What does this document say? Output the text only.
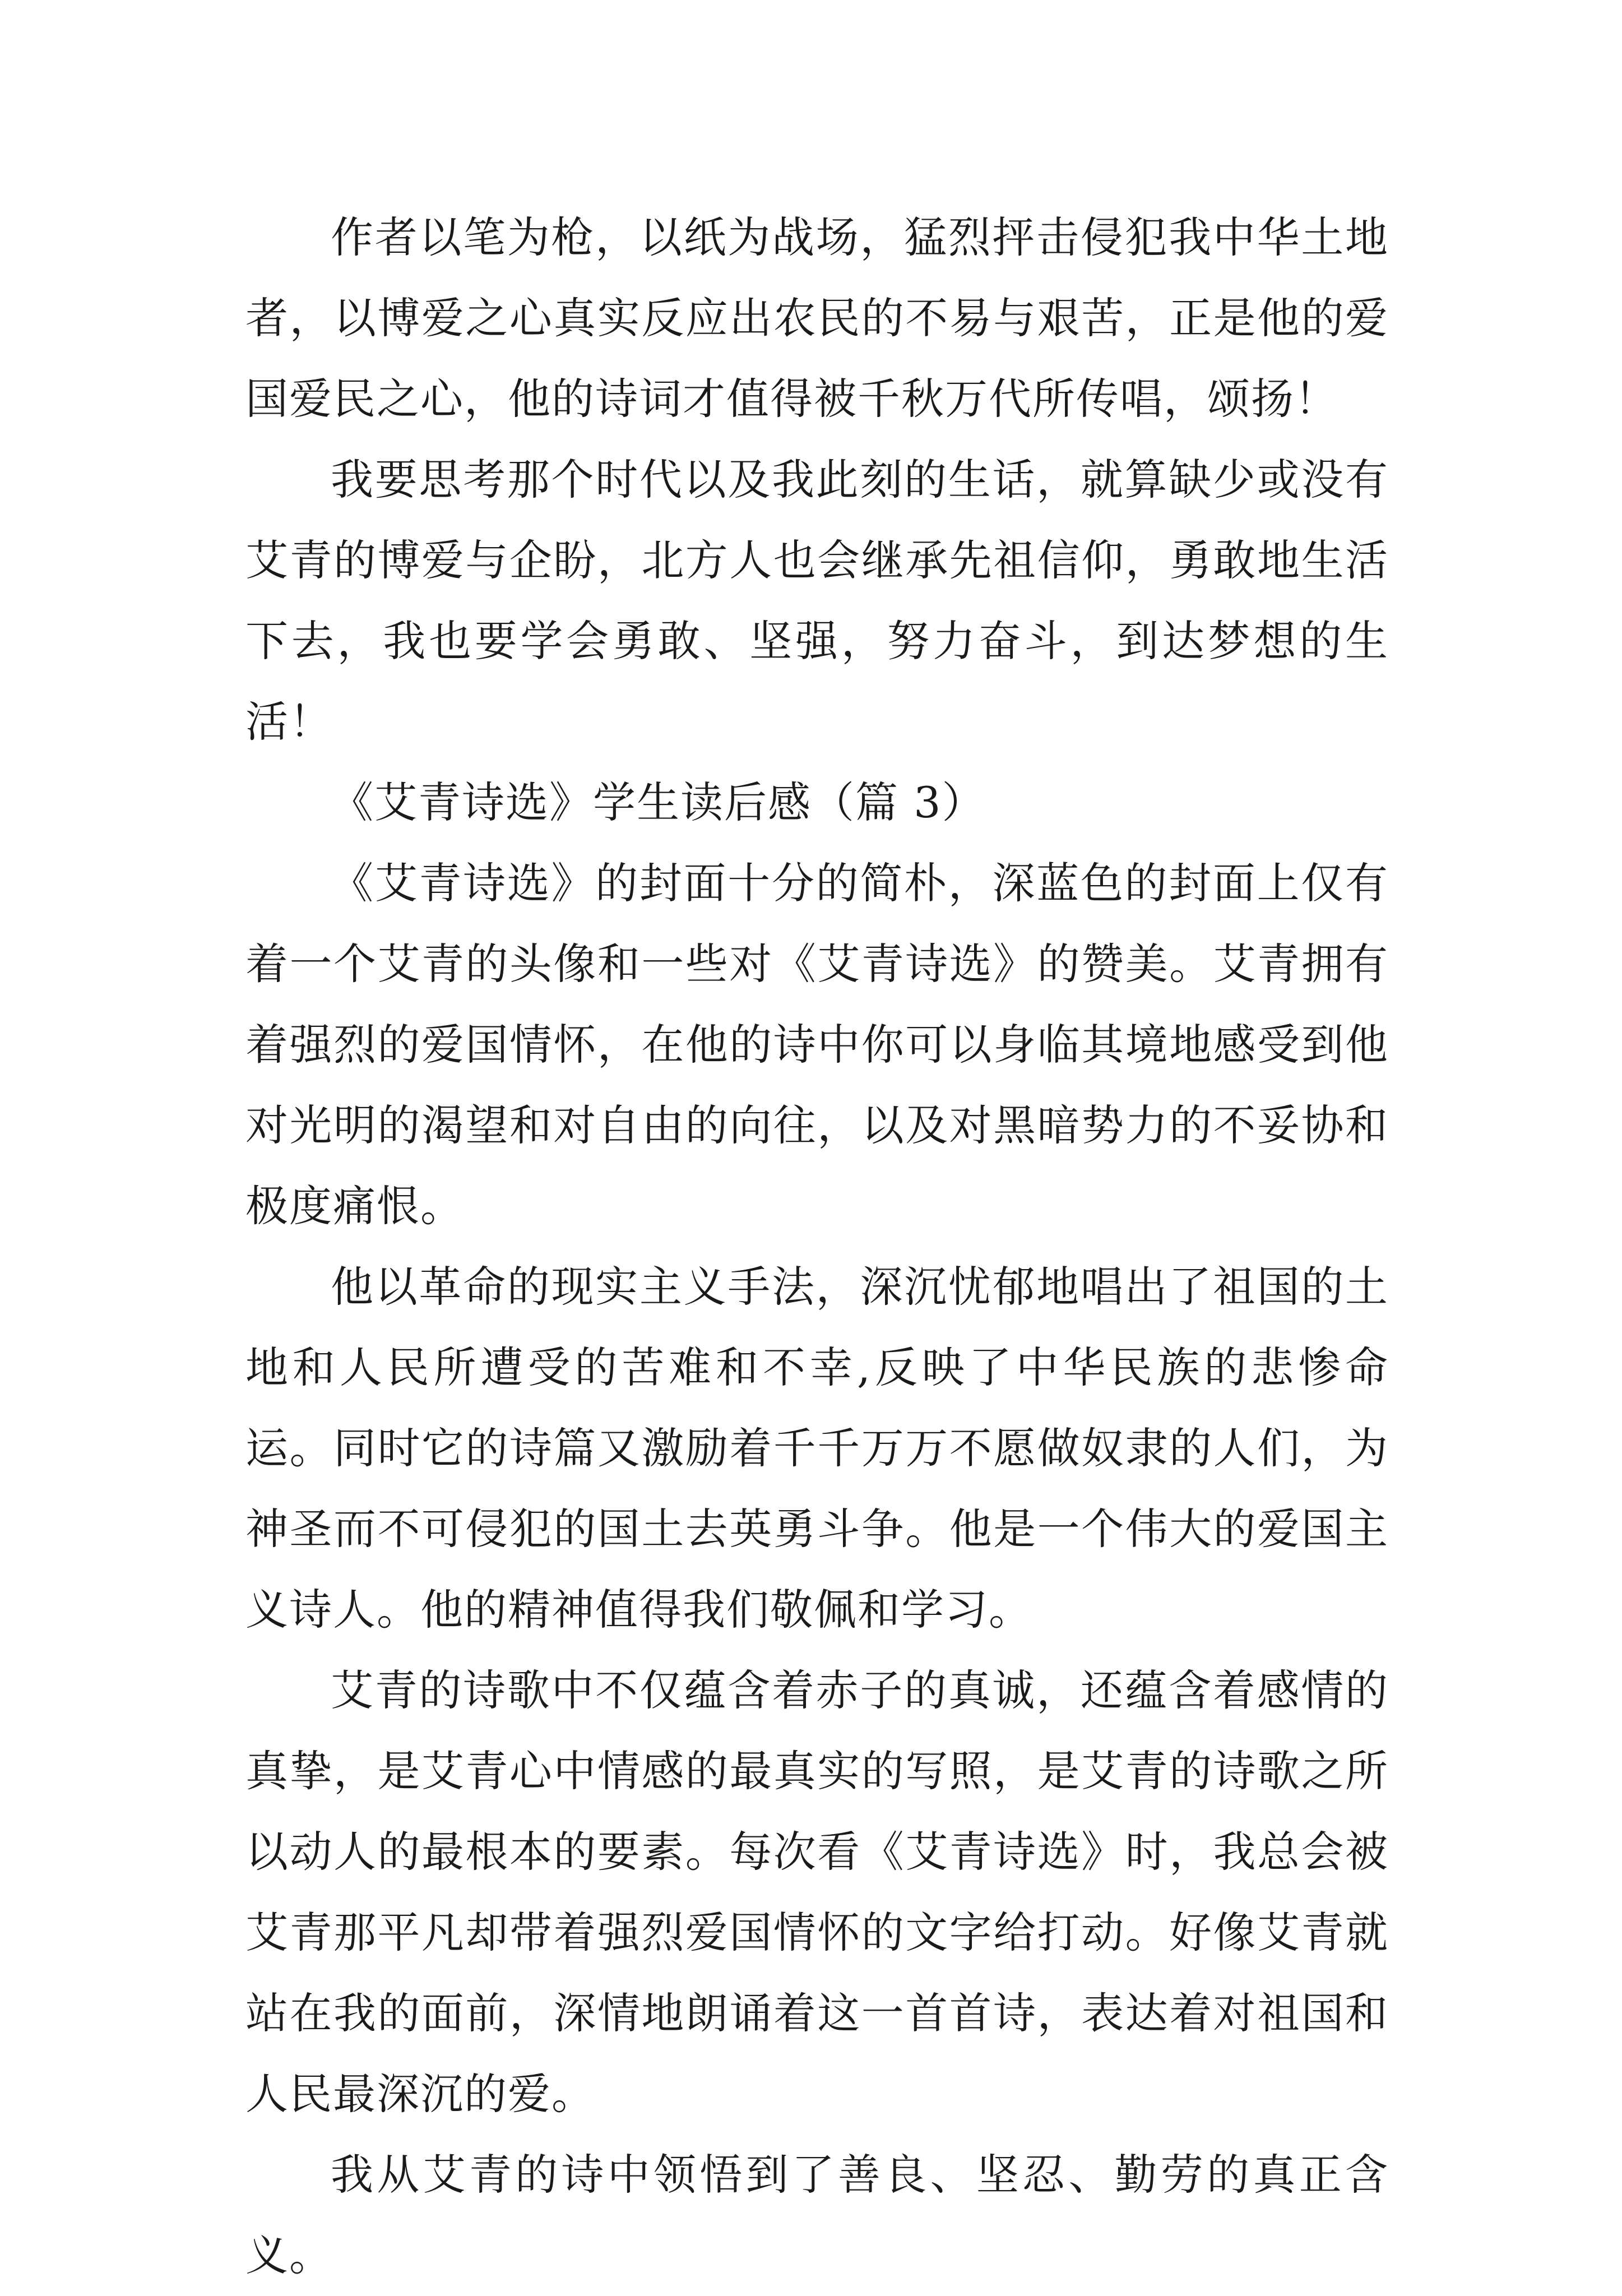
作者以笔为枪，以纸为战场，猛烈抨击侵犯我中华土地者，以博爱之心真实反应出农民的不易与艰苦，正是他的爱国爱民之心，他的诗词才值得被千秋万代所传唱，颂扬！

我要思考那个时代以及我此刻的生话，就算缺少或没有艾青的博爱与企盼，北方人也会继承先祖信仰，勇敢地生活下去，我也要学会勇敢、坚强，努力奋斗，到达梦想的生活！

《艾青诗选》学生读后感（篇 3）

《艾青诗选》的封面十分的简朴，深蓝色的封面上仅有着一个艾青的头像和一些对《艾青诗选》的赞美。艾青拥有着强烈的爱国情怀，在他的诗中你可以身临其境地感受到他对光明的渴望和对自由的向往，以及对黑暗势力的不妥协和极度痛恨。

他以革命的现实主义手法，深沉忧郁地唱出了祖国的土地和人民所遭受的苦难和不幸,反映了中华民族的悲惨命运。同时它的诗篇又激励着千千万万不愿做奴隶的人们，为神圣而不可侵犯的国土去英勇斗争。他是一个伟大的爱国主义诗人。他的精神值得我们敬佩和学习。

艾青的诗歌中不仅蕴含着赤子的真诚，还蕴含着感情的真挚，是艾青心中情感的最真实的写照，是艾青的诗歌之所以动人的最根本的要素。每次看《艾青诗选》时，我总会被艾青那平凡却带着强烈爱国情怀的文字给打动。好像艾青就站在我的面前，深情地朗诵着这一首首诗，表达着对祖国和人民最深沉的爱。

我从艾青的诗中领悟到了善良、坚忍、勤劳的真正含义。
